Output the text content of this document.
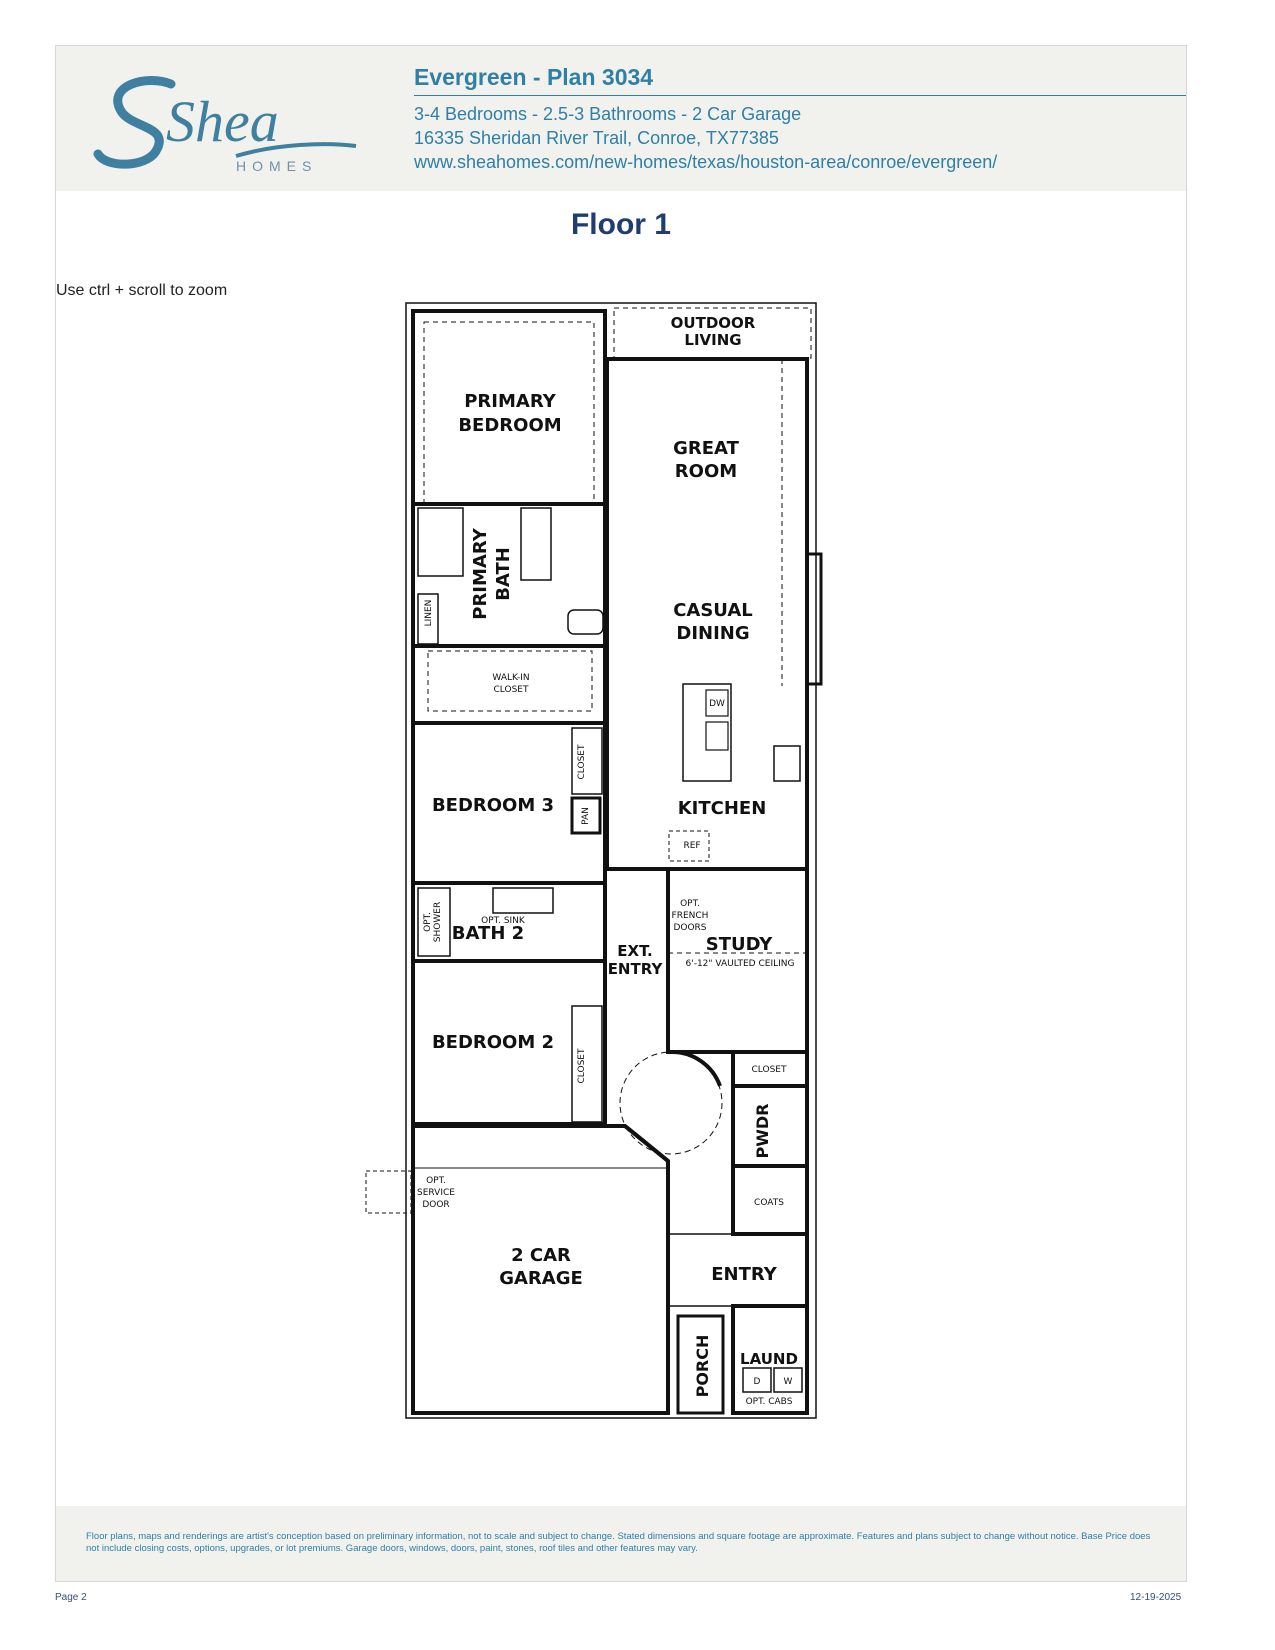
Shea
HOMES
Evergreen - Plan 3034
3-4 Bedrooms - 2.5-3 Bathrooms - 2 Car Garage
16335 Sheridan River Trail, Conroe, TX77385
www.sheahomes.com/new-homes/texas/houston-area/conroe/evergreen/
Floor 1
Use ctrl + scroll to zoom
OUTDOOR
LIVING
PRIMARY
BEDROOM
GREAT
ROOM
PRIMARY BATH
CASUAL
DINING
BEDROOM 3	KITCHEN
BATH 2
EXT.
ENTRY
STUDY
BEDROOM 2
PWDR
2 CAR
GARAGE	ENTRY
PORCH LAUND
LINEN
WALK-IN
CLOSET
DW
CLOSET
PAN
REF
OPT. SHOWER	OPT. SINK
OPT.
FRENCH
DOORS
6'-12" VAULTED CEILING
CLOSET	CLOSET
OPT.
SERVICE
DOOR	COATS
D	W
OPT. CABS
Floor plans, maps and renderings are artist's conception based on preliminary information, not to scale and subject to change. Stated dimensions and square footage are approximate. Features and plans subject to change without notice. Base Price does not include closing costs, options, upgrades, or lot premiums. Garage doors, windows, doors, paint, stones, roof tiles and other features may vary.
Page 2	12-19-2025
